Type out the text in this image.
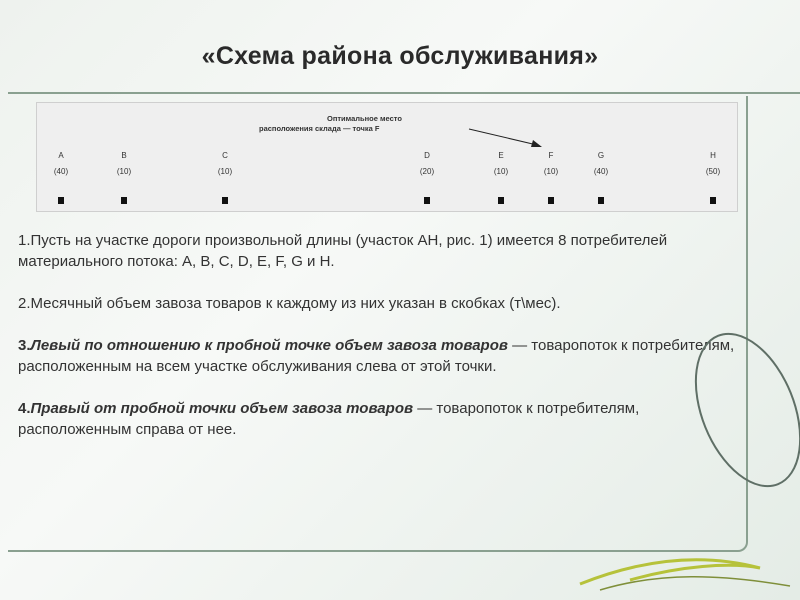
«Схема района обслуживания»
Оптимальное место
расположения склада — точка F
A
(40)
B
(10)
C
(10)
D
(20)
E
(10)
F
(10)
G
(40)
H
(50)

1.Пусть на участке дороги произвольной длины (участок АН, рис. 1) имеется 8 потребителей материального потока: А, В, С, D, Е, F, G и Н.

2.Месячный объем завоза товаров к каждому из них указан в скобках (т\мес).

3.Левый по отношению к пробной точке объем завоза товаров — товаропоток к потребителям, расположенным на всем участке обслуживания слева от этой точки.

4.Правый от пробной точки объем завоза товаров — товаропоток к потребителям, расположенным справа от нее.
